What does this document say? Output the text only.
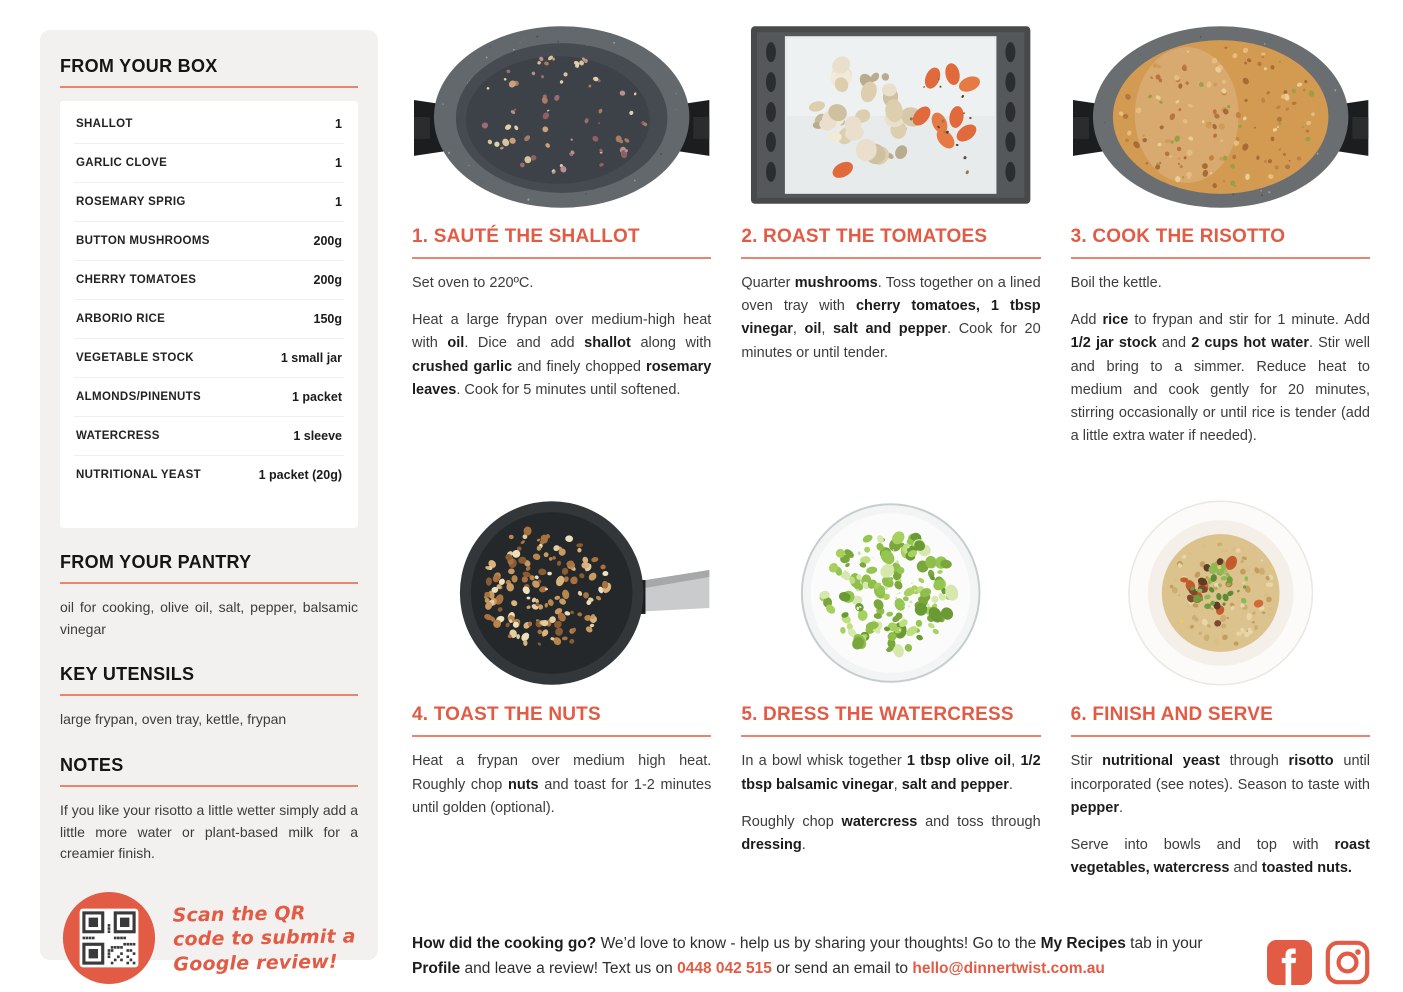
FROM YOUR BOX
SHALLOT	1
GARLIC CLOVE	1
ROSEMARY SPRIG	1
BUTTON MUSHROOMS	200g
CHERRY TOMATOES	200g
ARBORIO RICE	150g
VEGETABLE STOCK	1 small jar
ALMONDS/PINENUTS	1 packet
WATERCRESS	1 sleeve
NUTRITIONAL YEAST	1 packet (20g)
FROM YOUR PANTRY

oil for cooking, olive oil, salt, pepper, balsamic vinegar

KEY UTENSILS

large frypan, oven tray, kettle, frypan

NOTES

If you like your risotto a little wetter simply add a little more water or plant-based milk for a creamier finish.

Scan the QR code to submit a Google review!

1. SAUTÉ THE SHALLOT

Set oven to 220ºC.

Heat a large frypan over medium-high heat with oil. Dice and add shallot along with crushed garlic and finely chopped rosemary leaves. Cook for 5 minutes until softened.

2. ROAST THE TOMATOES

Quarter mushrooms. Toss together on a lined oven tray with cherry tomatoes, 1 tbsp vinegar, oil, salt and pepper. Cook for 20 minutes or until tender.

3. COOK THE RISOTTO

Boil the kettle.

Add rice to frypan and stir for 1 minute. Add 1/2 jar stock and 2 cups hot water. Stir well and bring to a simmer. Reduce heat to medium and cook gently for 20 minutes, stirring occasionally or until rice is tender (add a little extra water if needed).

4. TOAST THE NUTS

Heat a frypan over medium high heat. Roughly chop nuts and toast for 1-2 minutes until golden (optional).

5. DRESS THE WATERCRESS

In a bowl whisk together 1 tbsp olive oil, 1/2 tbsp balsamic vinegar, salt and pepper.

Roughly chop watercress and toss through dressing.

6. FINISH AND SERVE

Stir nutritional yeast through risotto until incorporated (see notes). Season to taste with pepper.

Serve into bowls and top with roast vegetables, watercress and toasted nuts.

How did the cooking go? We’d love to know - help us by sharing your thoughts! Go to the My Recipes tab in your Profile and leave a review! Text us on 0448 042 515 or send an email to hello@dinnertwist.com.au
